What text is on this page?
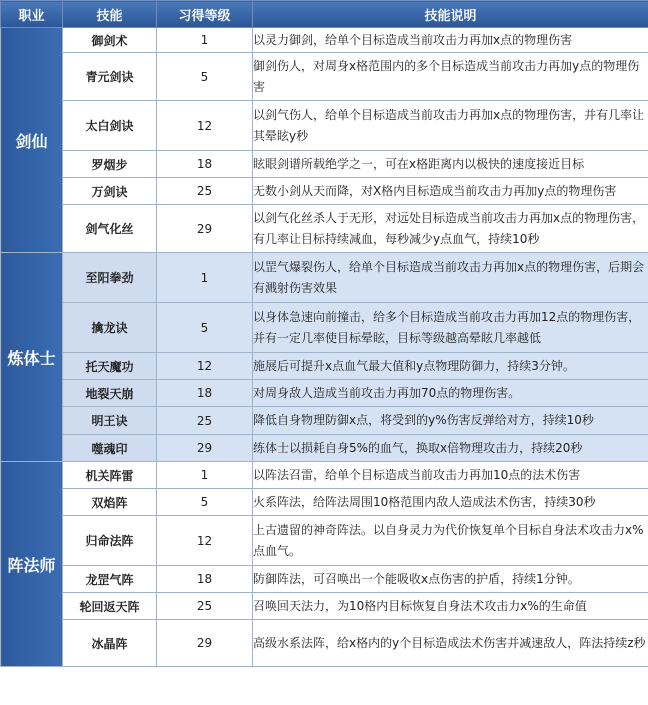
职业	技能	习得等级	技能说明
剑仙	御剑术	1	以灵力御剑，给单个目标造成当前攻击力再加x点的物理伤害
	青元剑诀	5	御剑伤人，对周身x格范围内的多个目标造成当前攻击力再加y点的物理伤害
	太白剑诀	12	以剑气伤人，给单个目标造成当前攻击力再加x点的物理伤害，并有几率让其晕眩y秒
	罗烟步	18	眩眼剑谱所载绝学之一，可在x格距离内以极快的速度接近目标
	万剑诀	25	无数小剑从天而降，对X格内目标造成当前攻击力再加y点的物理伤害
	剑气化丝	29	以剑气化丝杀人于无形，对远处目标造成当前攻击力再加x点的物理伤害，有几率让目标持续减血，每秒减少y点血气，持续10秒
炼体士	至阳拳劲	1	以罡气爆裂伤人，给单个目标造成当前攻击力再加x点的物理伤害，后期会有溅射伤害效果
	擒龙诀	5	以身体急速向前撞击，给多个目标造成当前攻击力再加12点的物理伤害，并有一定几率使目标晕眩，目标等级越高晕眩几率越低
	托天魔功	12	施展后可提升x点血气最大值和y点物理防御力，持续3分钟。
	地裂天崩	18	对周身敌人造成当前攻击力再加70点的物理伤害。
	明王诀	25	降低自身物理防御x点，将受到的y%伤害反弹给对方，持续10秒
	噬魂印	29	练体士以损耗自身5%的血气，换取x倍物理攻击力，持续20秒
阵法师	机关阵雷	1	以阵法召雷，给单个目标造成当前攻击力再加10点的法术伤害
	双焰阵	5	火系阵法，给阵法周围10格范围内敌人造成法术伤害，持续30秒
	归命法阵	12	上古遗留的神奇阵法。以自身灵力为代价恢复单个目标自身法术攻击力x%点血气。
	龙罡气阵	18	防御阵法，可召唤出一个能吸收x点伤害的护盾，持续1分钟。
	轮回返天阵	25	召唤回天法力，为10格内目标恢复自身法术攻击力x%的生命值
	冰晶阵	29	高级水系法阵，给x格内的y个目标造成法术伤害并减速敌人，阵法持续z秒
